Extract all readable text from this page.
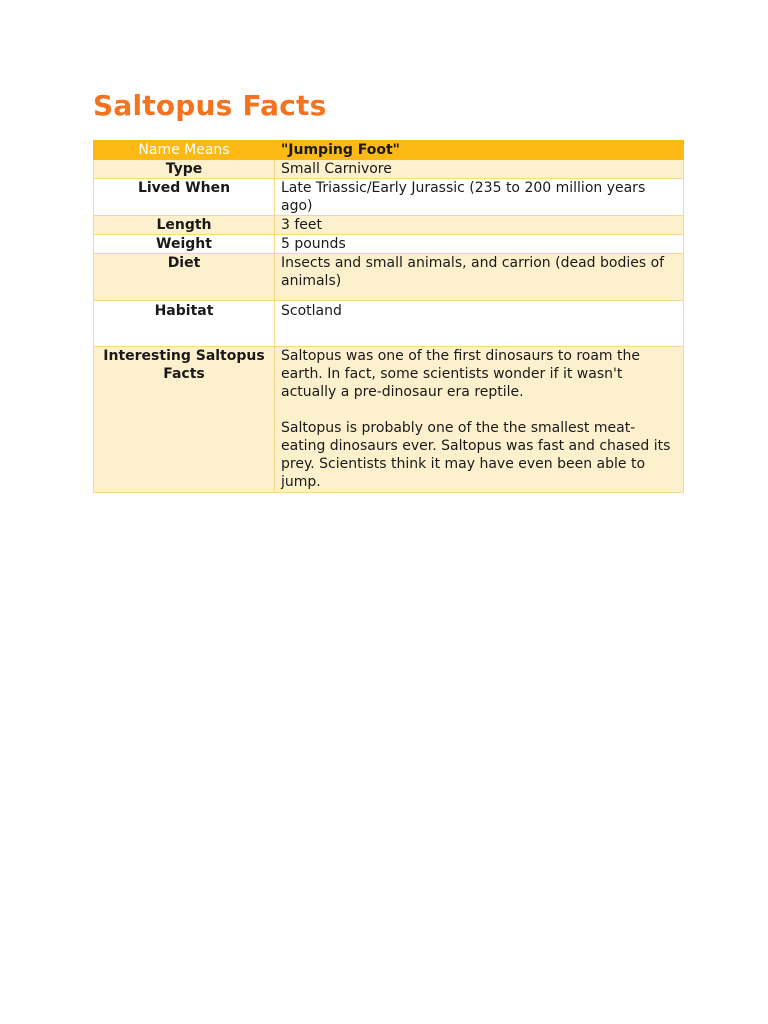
Saltopus Facts
Name Means	"Jumping Foot"
Type	Small Carnivore
Lived When	Late Triassic/Early Jurassic (235 to 200 million years ago)
Length	3 feet
Weight	5 pounds
Diet	Insects and small animals, and carrion (dead bodies of animals)
Habitat	Scotland
Interesting Saltopus Facts	Saltopus was one of the first dinosaurs to roam the earth. In fact, some scientists wonder if it wasn't actually a pre-dinosaur era reptile.
Saltopus is probably one of the the smallest meat-eating dinosaurs ever. Saltopus was fast and chased its prey. Scientists think it may have even been able to jump.
